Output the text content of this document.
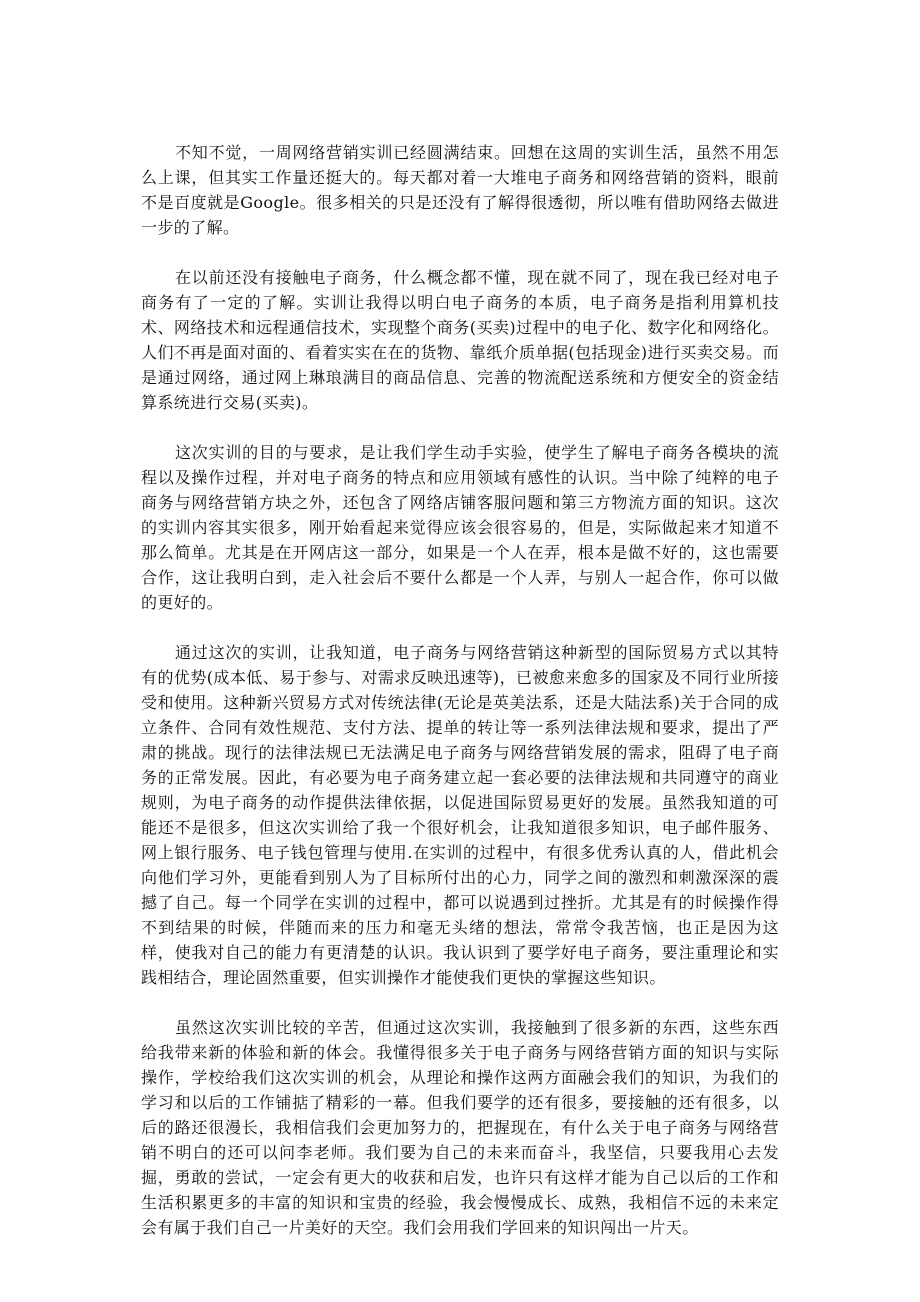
不知不觉，一周网络营销实训已经圆满结束。回想在这周的实训生活，虽然不用怎么上课，但其实工作量还挺大的。每天都对着一大堆电子商务和网络营销的资料，眼前不是百度就是Google。很多相关的只是还没有了解得很透彻，所以唯有借助网络去做进一步的了解。

在以前还没有接触电子商务，什么概念都不懂，现在就不同了，现在我已经对电子商务有了一定的了解。实训让我得以明白电子商务的本质，电子商务是指利用算机技术、网络技术和远程通信技术，实现整个商务(买卖)过程中的电子化、数字化和网络化。人们不再是面对面的、看着实实在在的货物、靠纸介质单据(包括现金)进行买卖交易。而是通过网络，通过网上琳琅满目的商品信息、完善的物流配送系统和方便安全的资金结算系统进行交易(买卖)。

这次实训的目的与要求，是让我们学生动手实验，使学生了解电子商务各模块的流程以及操作过程，并对电子商务的特点和应用领域有感性的认识。当中除了纯粹的电子商务与网络营销方块之外，还包含了网络店铺客服问题和第三方物流方面的知识。这次的实训内容其实很多，刚开始看起来觉得应该会很容易的，但是，实际做起来才知道不那么简单。尤其是在开网店这一部分，如果是一个人在弄，根本是做不好的，这也需要合作，这让我明白到，走入社会后不要什么都是一个人弄，与别人一起合作，你可以做的更好的。

通过这次的实训，让我知道，电子商务与网络营销这种新型的国际贸易方式以其特有的优势(成本低、易于参与、对需求反映迅速等)，已被愈来愈多的国家及不同行业所接受和使用。这种新兴贸易方式对传统法律(无论是英美法系，还是大陆法系)关于合同的成立条件、合同有效性规范、支付方法、提单的转让等一系列法律法规和要求，提出了严肃的挑战。现行的法律法规已无法满足电子商务与网络营销发展的需求，阻碍了电子商务的正常发展。因此，有必要为电子商务建立起一套必要的法律法规和共同遵守的商业规则，为电子商务的动作提供法律依据，以促进国际贸易更好的发展。虽然我知道的可能还不是很多，但这次实训给了我一个很好机会，让我知道很多知识，电子邮件服务、网上银行服务、电子钱包管理与使用.在实训的过程中，有很多优秀认真的人，借此机会向他们学习外，更能看到别人为了目标所付出的心力，同学之间的激烈和刺激深深的震撼了自己。每一个同学在实训的过程中，都可以说遇到过挫折。尤其是有的时候操作得不到结果的时候，伴随而来的压力和毫无头绪的想法，常常令我苦恼，也正是因为这样，使我对自己的能力有更清楚的认识。我认识到了要学好电子商务，要注重理论和实践相结合，理论固然重要，但实训操作才能使我们更快的掌握这些知识。

虽然这次实训比较的辛苦，但通过这次实训，我接触到了很多新的东西，这些东西给我带来新的体验和新的体会。我懂得很多关于电子商务与网络营销方面的知识与实际操作，学校给我们这次实训的机会，从理论和操作这两方面融会我们的知识，为我们的学习和以后的工作铺掂了精彩的一幕。但我们要学的还有很多，要接触的还有很多，以后的路还很漫长，我相信我们会更加努力的，把握现在，有什么关于电子商务与网络营销不明白的还可以问李老师。我们要为自己的未来而奋斗，我坚信，只要我用心去发掘，勇敢的尝试，一定会有更大的收获和启发，也许只有这样才能为自己以后的工作和生活积累更多的丰富的知识和宝贵的经验，我会慢慢成长、成熟，我相信不远的未来定会有属于我们自己一片美好的天空。我们会用我们学回来的知识闯出一片天。
